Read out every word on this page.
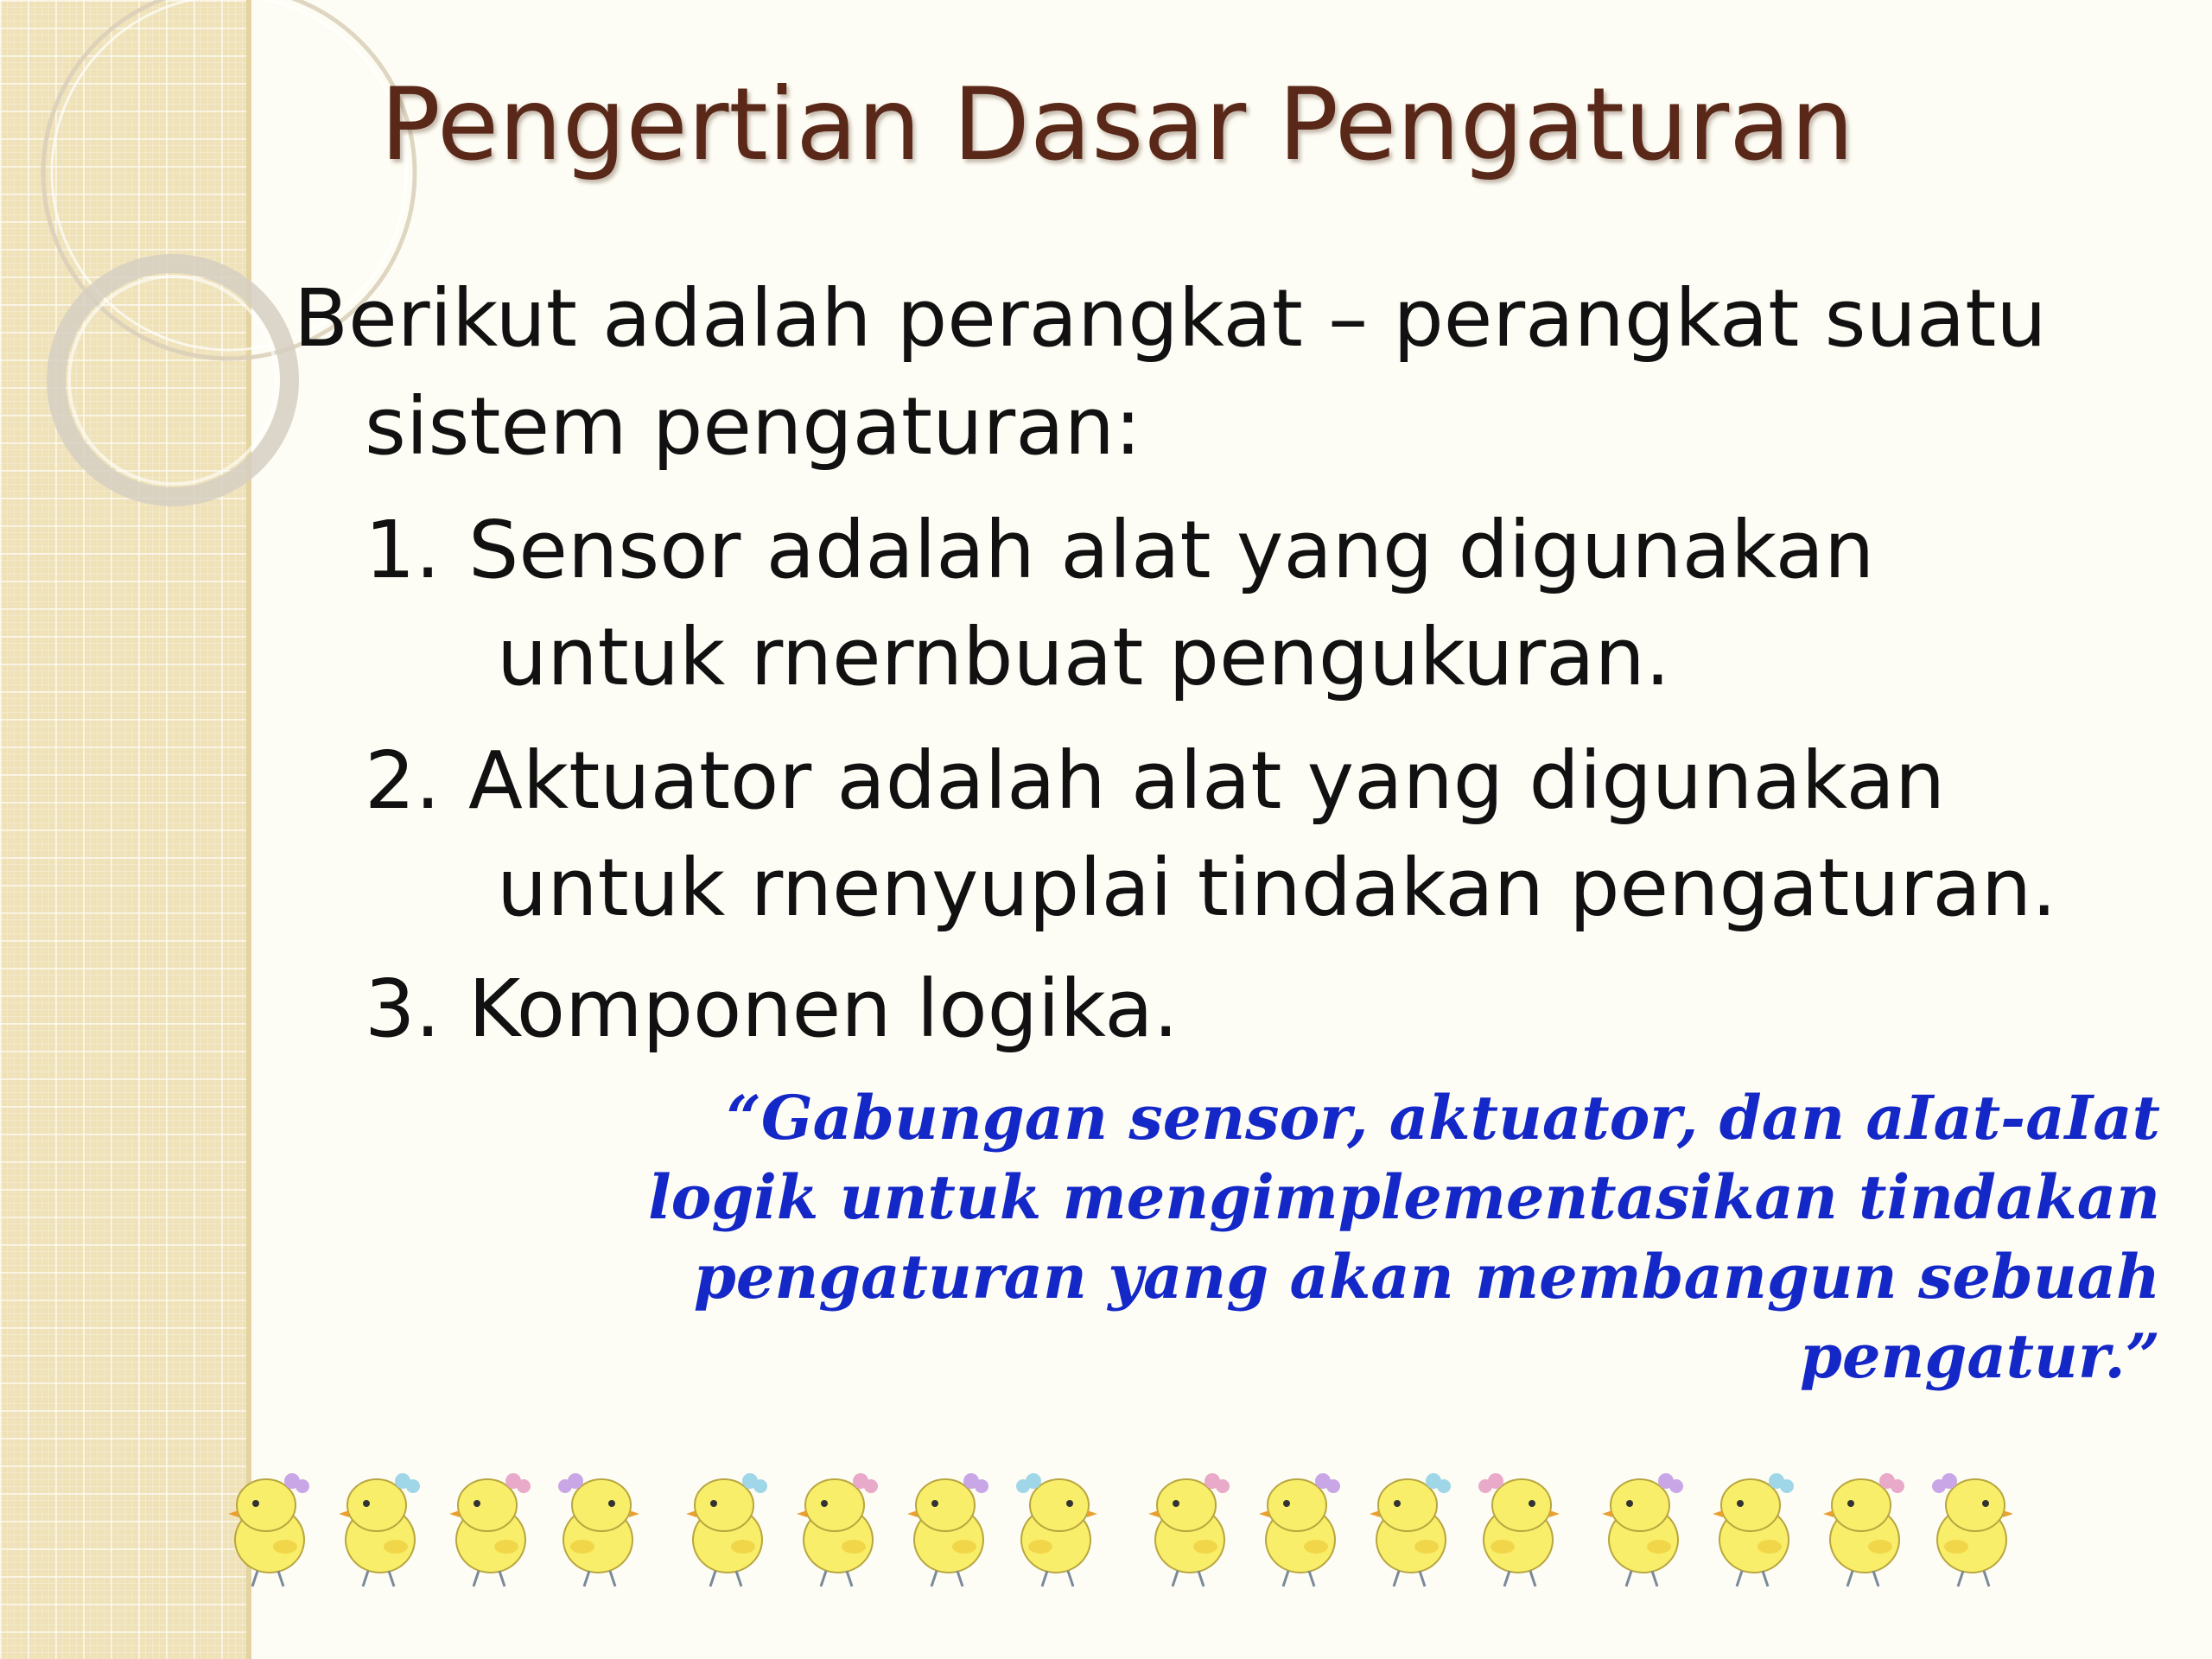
Pengertian Dasar Pengaturan
Berikut adalah perangkat – perangkat suatu
sistem pengaturan:
1. Sensor adalah alat yang digunakan
untuk rnernbuat pengukuran.
2. Aktuator adalah alat yang digunakan
untuk rnenyuplai tindakan pengaturan.
3. Komponen logika.
“Gabungan sensor, aktuator, dan aIat-aIat
logik untuk mengimplementasikan tindakan
pengaturan yang akan membangun sebuah
pengatur.”
